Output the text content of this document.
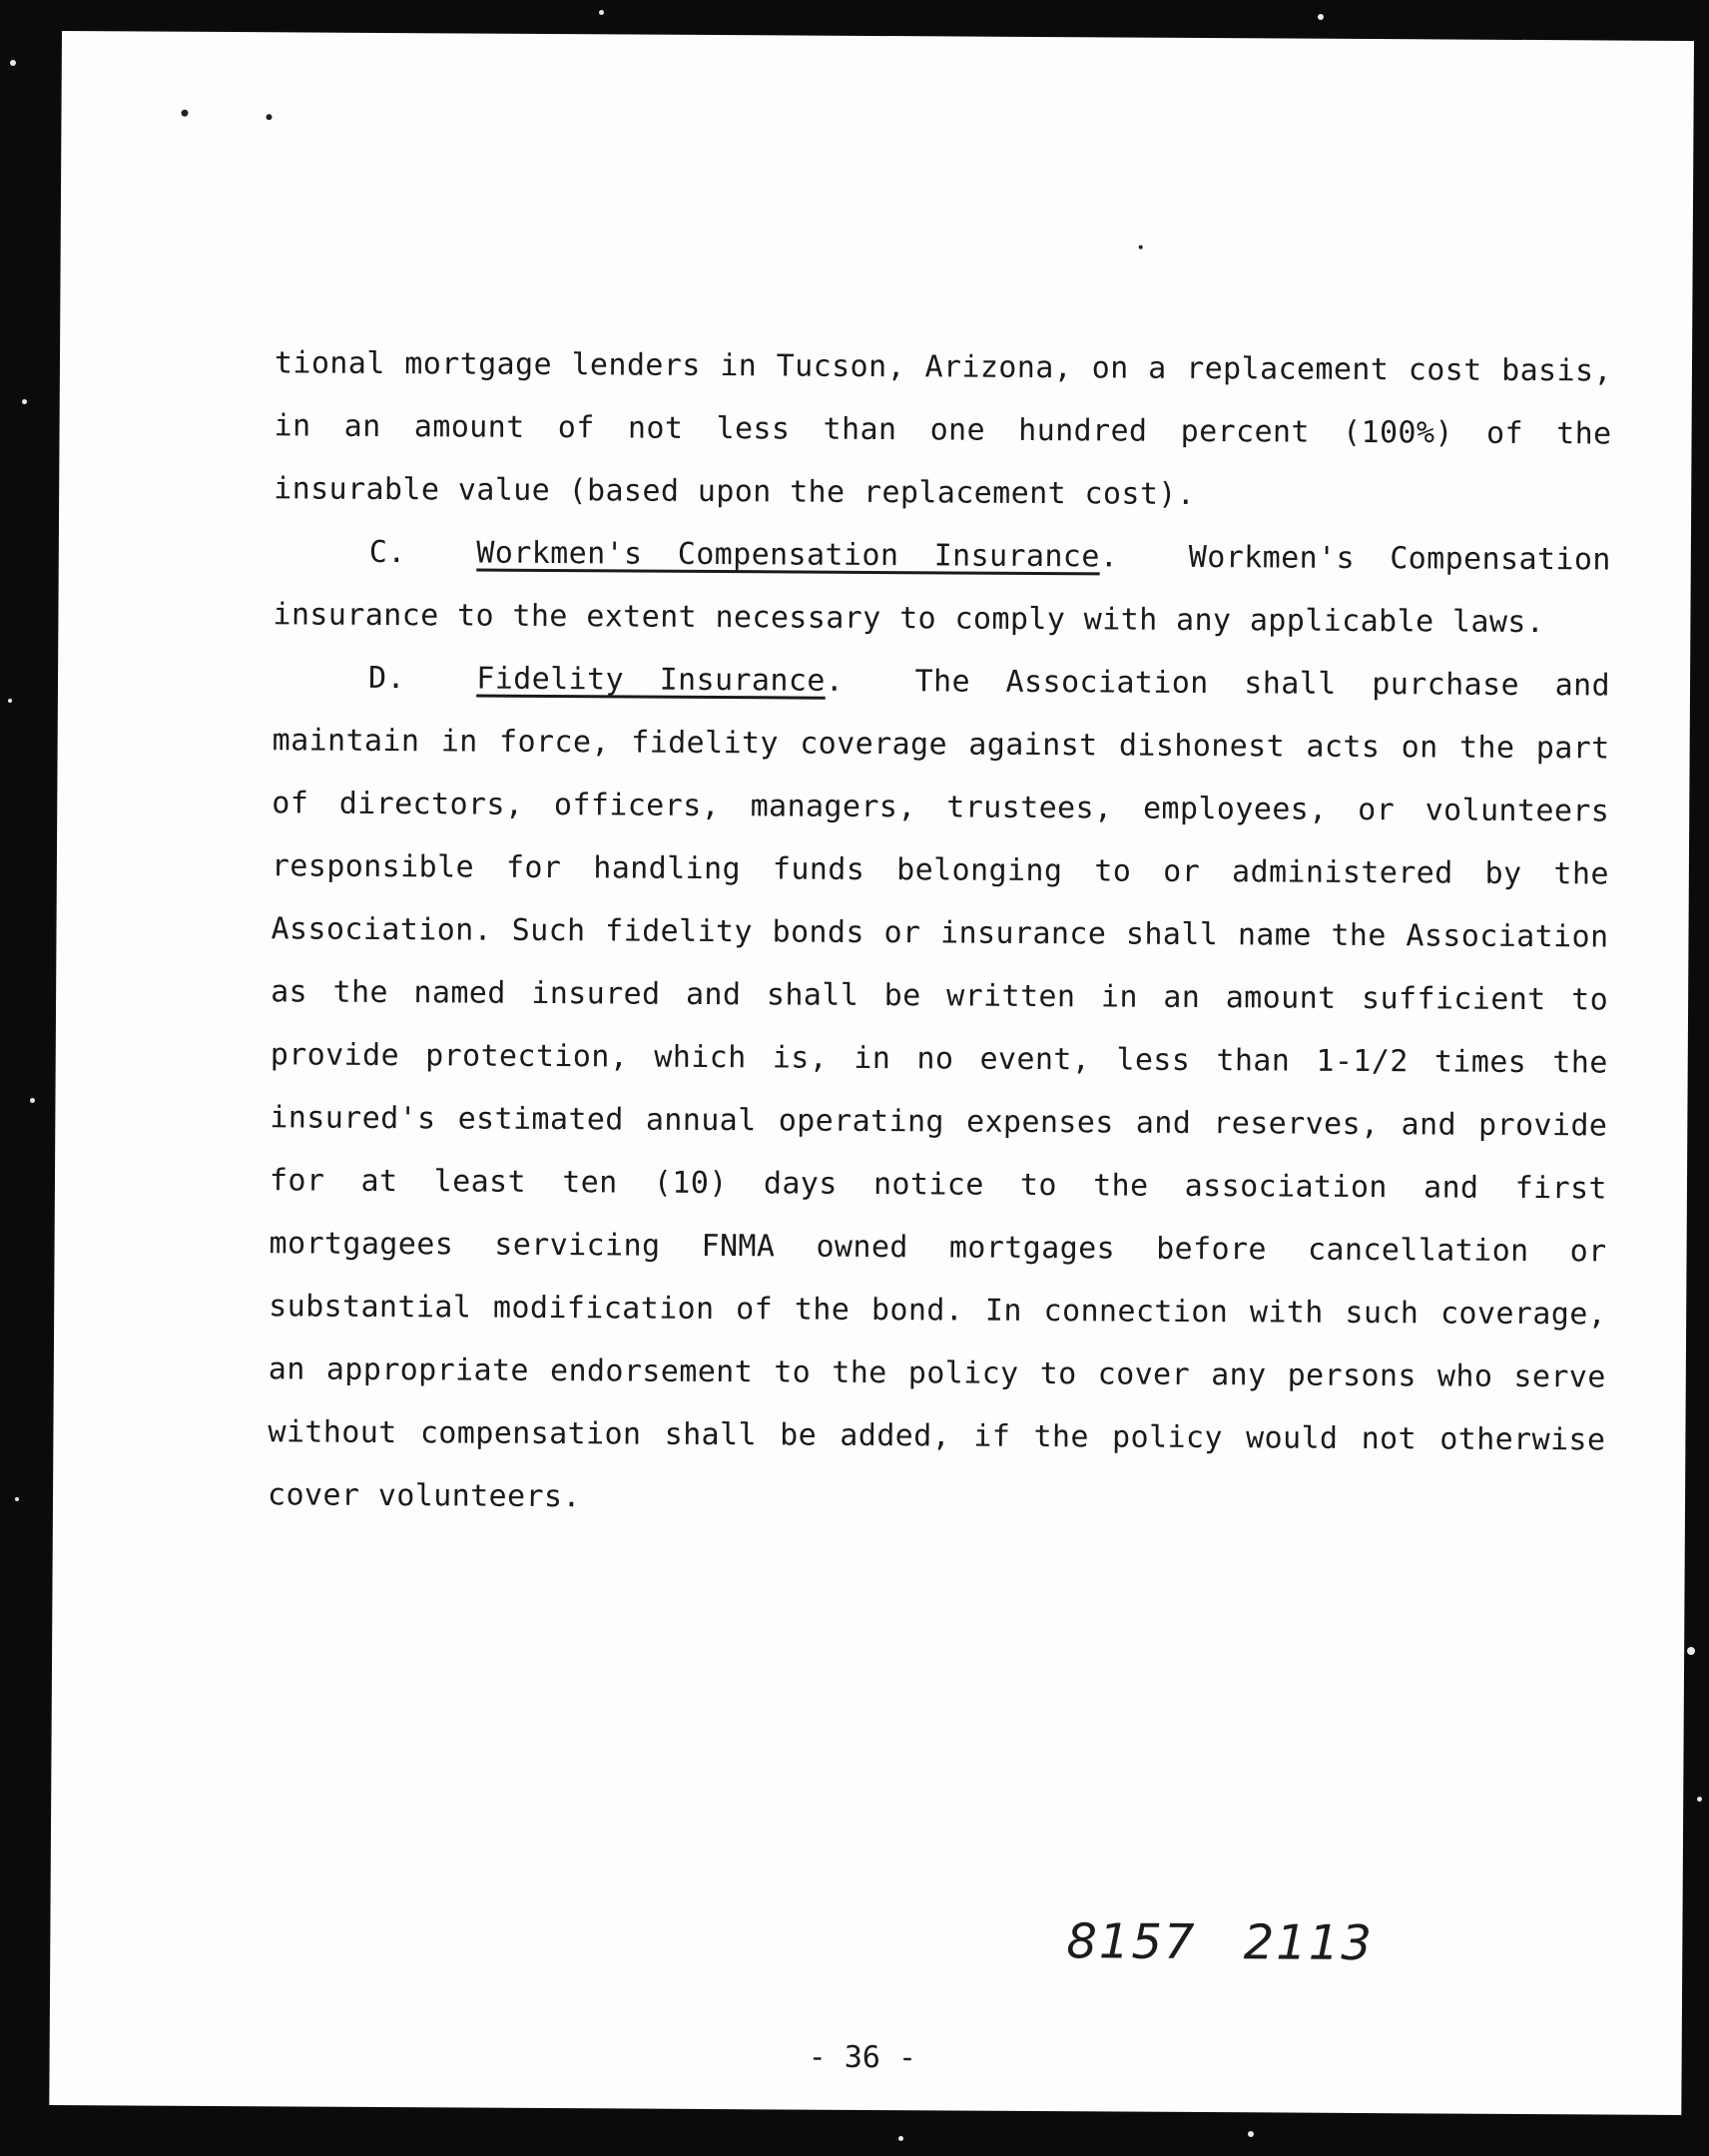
tional mortgage lenders in Tucson, Arizona, on a replacement cost basis, in an amount of not less than one hundred percent (100%) of the insurable value (based upon the replacement cost).

C. Workmen's Compensation Insurance.  Workmen's Compensation insurance to the extent necessary to comply with any applicable laws.

D. Fidelity Insurance.  The Association shall purchase and maintain in force, fidelity coverage against dishonest acts on the part of directors, officers, managers, trustees, employees, or volunteers responsible for handling funds belonging to or administered by the Association. Such fidelity bonds or insurance shall name the Association as the named insured and shall be written in an amount sufficient to provide protection, which is, in no event, less than 1-1/2 times the insured's estimated annual operating expenses and reserves, and provide for at least ten (10) days notice to the association and first mortgagees servicing FNMA owned mortgages before cancellation or substantial modification of the bond. In connection with such coverage, an appropriate endorsement to the policy to cover any persons who serve without compensation shall be added, if the policy would not otherwise cover volunteers.

8157 2113
- 36 -
